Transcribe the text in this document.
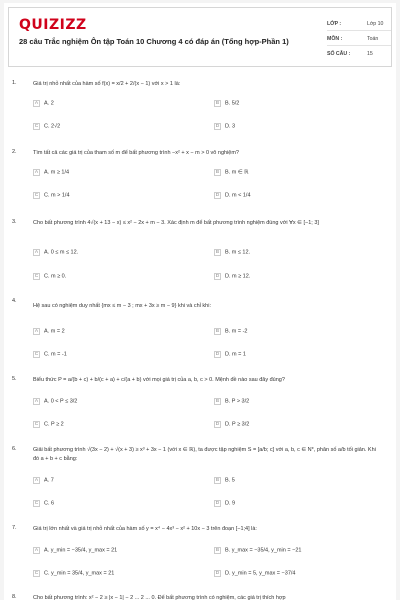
QUIZIZZ
28 câu Trắc nghiệm Ôn tập Toán 10 Chương 4 có đáp án (Tổng hợp-Phần 1)
LỚP :	Lớp 10
MÔN :	Toán
SỐ CÂU :	15
1.	Giá trị nhỏ nhất của hàm số f(x) = x/2 + 2/(x − 1) với x > 1 là:
A A. 2	B B. 5/2
C C. 2√2	D D. 3
2.	Tìm tất cả các giá trị của tham số m để bất phương trình −x² + x − m > 0 vô nghiệm?
A A. m ≥ 1/4	B B. m ∈ ℝ
C C. m > 1/4	D D. m < 1/4
3.	Cho bất phương trình 4√(x + 13 − x) ≤ x² − 2x + m − 3. Xác định m để bất phương trình nghiệm đúng với ∀x ∈ [−1; 3]
A A. 0 ≤ m ≤ 12.	B B. m ≤ 12.
C C. m ≥ 0.	D D. m ≥ 12.
4.
Hệ sau có nghiệm duy nhất {mx ≤ m − 3 ; mx + 3x ≥ m − 9} khi và chỉ khi:
A A. m = 2	B B. m = -2
C C. m = -1	D D. m = 1
5.	Biểu thức P = a/(b + c) + b/(c + a) + c/(a + b) với mọi giá trị của a, b, c > 0. Mệnh đề nào sau đây đúng?
A A. 0 < P ≤ 3/2	B B. P > 3/2
C C. P ≥ 2	D D. P ≥ 3/2
6.	Giải bất phương trình √(3x − 2) + √(x + 3) ≥ x³ + 3x − 1 (với x ∈ ℝ), ta được tập nghiệm S = [a/b; c] với a, b, c ∈ N*, phân số a/b tối giản. Khi đó a + b + c bằng:
A A. 7	B B. 5
C C. 6	D D. 9
7.	Giá trị lớn nhất và giá trị nhỏ nhất của hàm số y = x⁴ − 4x³ − x² + 10x − 3 trên đoạn [−1;4] là:
A A. y_min = −35/4, y_max = 21	B B. y_max = −35/4, y_min = −21
C C. y_min = 35/4, y_max = 21	D D. y_min = 5, y_max = −37/4
8.	Cho bất phương trình: x² − 2 ≥ |x − 1| − 2 ... 2 ... 0. Để bất phương trình có nghiệm, các giá trị thích hợp
